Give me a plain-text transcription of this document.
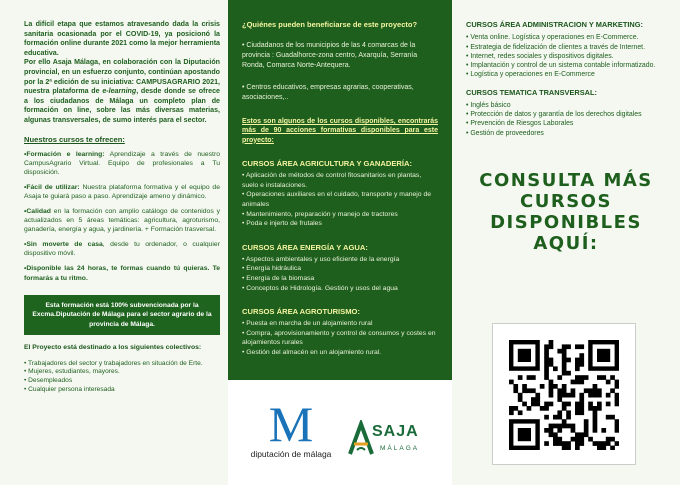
La difícil etapa que estamos atravesando dada la crisis sanitaria ocasionada por el COVID-19, ya posicionó la formación online durante 2021 como la mejor herramienta educativa.
Por ello Asaja Málaga, en colaboración con la Diputación provincial, en un esfuerzo conjunto, continúan apostando por la 2ª edición de su iniciativa: CAMPUSAGRARIO 2021, nuestra plataforma de e-learning, desde donde se ofrece a los ciudadanos de Málaga un completo plan de formación on line, sobre las más diversas materias, algunas transversales, de sumo interés para el sector.
Nuestros cursos te ofrecen:
•Formación e learning: Aprendizaje a través de nuestro CampusAgrario Virtual. Equipo de profesionales a Tu disposición.
•Fácil de utilizar: Nuestra plataforma formativa y el equipo de Asaja te guiará paso a paso. Aprendizaje ameno y dinámico.
•Calidad en la formación con amplio catálogo de contenidos y actualizados en 5 áreas temáticas: agricultura, agroturismo, ganadería, energía y agua, y jardinería. + Formación trasversal.
•Sin moverte de casa, desde tu ordenador, o cualquier dispositivo móvil.
•Disponible las 24 horas, te formas cuando tú quieras. Te formarás a tu ritmo.
Esta formación está 100% subvencionada por la Excma.Diputación de Málaga para el sector agrario de la provincia de Málaga.
El Proyecto está destinado a los siguientes colectivos:
• Trabajadores del sector y trabajadores en situación de Erte.
• Mujeres, estudiantes, mayores.
• Desempleados
• Cualquier persona interesada
¿Quiénes pueden beneficiarse de este proyecto?
• Ciudadanos de los municipios de las 4 comarcas de la provincia : Guadalhorce-zona centro, Axarquía, Serranía Ronda, Comarca Norte-Antequera.
• Centros educativos, empresas agrarias, cooperativas, asociaciones,..
Estos son algunos de los cursos disponibles, encontrarás más de 90 acciones formativas disponibles para este proyecto:
CURSOS ÁREA AGRICULTURA Y GANADERÍA:
• Aplicación de métodos de control fitosanitarios en plantas, suelo e instalaciones.
• Operaciones auxiliares en el cuidado, transporte y manejo de animales
• Mantenimiento, preparación y manejo de tractores
• Poda e injerto de frutales
CURSOS ÁREA ENERGÍA Y AGUA:
• Aspectos ambientales y uso eficiente de la energía
• Energía hidráulica
• Energía de la biomasa
• Conceptos de Hidrología. Gestión y usos del agua
CURSOS ÁREA AGROTURISMO:
• Puesta en marcha de un alojamiento rural
• Compra, aprovisionamiento y control de consumos y costes en alojamientos rurales
• Gestión del almacén en un alojamiento rural.
M
diputación de málaga
SAJA
MÁLAGA
CURSOS ÁREA ADMINISTRACION Y MARKETING:
• Venta online. Logística y operaciones en E-Commerce.
• Estrategia de fidelización de clientes a través de Internet.
• Internet, redes sociales y dispositivos digitales.
• Implantación y control de un sistema contable informatizado.
• Logística y operaciones en E-Commerce
CURSOS TEMATICA TRANSVERSAL:
• Inglés básico
• Protección de datos y garantía de los derechos digitales
• Prevención de Riesgos Laborales
• Gestión de proveedores
CONSULTA MÁS
CURSOS
DISPONIBLES
AQUÍ:
